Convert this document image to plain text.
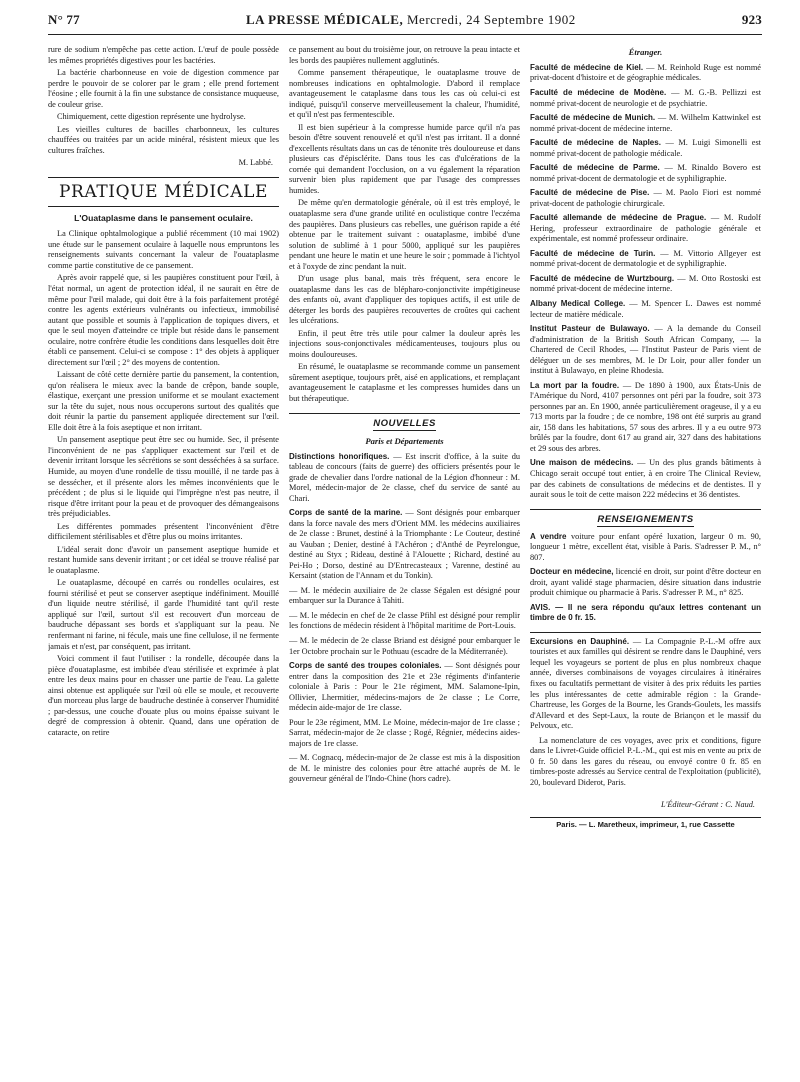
N° 77	LA PRESSE MÉDICALE, Mercredi, 24 Septembre 1902	923

rure de sodium n'empêche pas cette action. L'œuf de poule possède les mêmes propriétés digestives pour les bactéries.

La bactérie charbonneuse en voie de digestion commence par perdre le pouvoir de se colorer par le gram ; elle prend fortement l'éosine ; elle fournit à la fin une substance de consistance muqueuse, de couleur grise.

Chimiquement, cette digestion représente une hydrolyse.

Les vieilles cultures de bacilles charbonneux, les cultures chauffées ou traitées par un acide minéral, résistent mieux que les cultures fraîches.

M. Labbé.

PRATIQUE MÉDICALE
L'Ouataplasme dans le pansement oculaire.

La Clinique ophtalmologique a publié récemment (10 mai 1902) une étude sur le pansement oculaire à laquelle nous empruntons les renseignements suivants concernant la valeur de l'ouataplasme comme partie constitutive de ce pansement.

Après avoir rappelé que, si les paupières constituent pour l'œil, à l'état normal, un agent de protection idéal, il ne saurait en être de même pour l'œil malade, qui doit être à la fois parfaitement protégé contre les agents extérieurs vulnérants ou infectieux, immobilisé autant que possible et soumis à l'application de topiques divers, et que le seul moyen d'atteindre ce triple but réside dans le pansement oculaire, notre confrère étudie les conditions dans lesquelles doit être établi ce pansement. Celui-ci se compose : 1° des objets à appliquer directement sur l'œil ; 2° des moyens de contention.

Laissant de côté cette dernière partie du pansement, la contention, qu'on réalisera le mieux avec la bande de crêpon, bande souple, élastique, exerçant une pression uniforme et se moulant exactement sur la tête du sujet, nous nous occuperons surtout des qualités que doit réunir la partie du pansement appliquée directement sur l'œil. Elle doit être à la fois aseptique et non irritant.

Un pansement aseptique peut être sec ou humide. Sec, il présente l'inconvénient de ne pas s'appliquer exactement sur l'œil et de devenir irritant lorsque les sécrétions se sont desséchées à sa surface. Humide, au moyen d'une rondelle de tissu mouillé, il ne tarde pas à se dessécher, et il présente alors les mêmes inconvénients que le précédent ; de plus si le liquide qui l'imprègne n'est pas neutre, il risque d'être irritant pour la peau et de provoquer des démangeaisons très préjudiciables.

Les différentes pommades présentent l'inconvénient d'être difficilement stérilisables et d'être plus ou moins irritantes.

L'idéal serait donc d'avoir un pansement aseptique humide et restant humide sans devenir irritant ; or cet idéal se trouve réalisé par le ouataplasme.

Le ouataplasme, découpé en carrés ou rondelles oculaires, est fourni stérilisé et peut se conserver aseptique indéfiniment. Mouillé d'un liquide neutre stérilisé, il garde l'humidité tant qu'il reste appliqué sur l'œil, surtout s'il est recouvert d'un morceau de baudruche dépassant ses bords et s'appliquant sur la peau. Ne renfermant ni farine, ni fécule, mais une fine cellulose, il ne fermente jamais et n'est, par conséquent, pas irritant.

Voici comment il faut l'utiliser : la rondelle, découpée dans la pièce d'ouataplasme, est imbibée d'eau stérilisée et exprimée à plat entre les deux mains pour en chasser une partie de l'eau. La galette ainsi obtenue est appliquée sur l'œil où elle se moule, et recouverte d'un morceau plus large de baudruche destinée à conserver l'humidité ; par-dessus, une couche d'ouate plus ou moins épaisse suivant le degré de compression à obtenir. Quand, dans une opération de cataracte, on retire

ce pansement au bout du troisième jour, on retrouve la peau intacte et les bords des paupières nullement agglutinés.

Comme pansement thérapeutique, le ouataplasme trouve de nombreuses indications en ophtalmologie. D'abord il remplace avantageusement le cataplasme dans tous les cas où celui-ci est indiqué, puisqu'il conserve merveilleusement la chaleur, l'humidité, et qu'il n'est pas fermentescible.

Il est bien supérieur à la compresse humide parce qu'il n'a pas besoin d'être souvent renouvelé et qu'il n'est pas irritant. Il a donné d'excellents résultats dans un cas de ténonite très douloureuse et dans plusieurs cas d'épisclérite. Dans tous les cas d'ulcérations de la cornée qui demandent l'occlusion, on a vu également la réparation survenir bien plus rapidement que par l'usage des compresses humides.

De même qu'en dermatologie générale, où il est très employé, le ouataplasme sera d'une grande utilité en oculistique contre l'eczéma des paupières. Dans plusieurs cas rebelles, une guérison rapide a été obtenue par le traitement suivant : ouataplasme, imbibé d'une solution de sublimé à 1 pour 5000, appliqué sur les paupières pendant une heure le matin et une heure le soir ; pommade à l'ichtyol et à l'oxyde de zinc pendant la nuit.

D'un usage plus banal, mais très fréquent, sera encore le ouataplasme dans les cas de blépharo-conjonctivite impétigineuse des enfants où, avant d'appliquer des topiques actifs, il est utile de déterger les bords des paupières recouvertes de croûtes qui cachent les ulcérations.

Enfin, il peut être très utile pour calmer la douleur après les injections sous-conjonctivales médicamenteuses, toujours plus ou moins douloureuses.

En résumé, le ouataplasme se recommande comme un pansement sûrement aseptique, toujours prêt, aisé en applications, et remplaçant avantageusement le cataplasme et les compresses humides dans un but thérapeutique.

NOUVELLES
Paris et Départements

Distinctions honorifiques. — Est inscrit d'office, à la suite du tableau de concours (faits de guerre) des officiers présentés pour le grade de chevalier dans l'ordre national de la Légion d'honneur : M. Morel, médecin-major de 2e classe, chef du service de santé au Chari.

Corps de santé de la marine. — Sont désignés pour embarquer dans la force navale des mers d'Orient MM. les médecins auxiliaires de 2e classe : Brunet, destiné à la Triomphante : Le Couteur, destiné au Vauban ; Denier, destiné à l'Achéron ; d'Anthé de Peyrelongue, destiné au Styx ; Rideau, destiné à l'Alouette ; Richard, destiné au Pei-Ho ; Dorso, destiné au D'Entrecasteaux ; Varenne, destiné au Kersaint (station de l'Annam et du Tonkin).

— M. le médecin auxiliaire de 2e classe Ségalen est désigné pour embarquer sur la Durance à Tahiti.

— M. le médecin en chef de 2e classe Pfihl est désigné pour remplir les fonctions de médecin résident à l'hôpital maritime de Port-Louis.

— M. le médecin de 2e classe Briand est désigné pour embarquer le 1er Octobre prochain sur le Pothuau (escadre de la Méditerranée).

Corps de santé des troupes coloniales. — Sont désignés pour entrer dans la composition des 21e et 23e régiments d'infanterie coloniale à Paris : Pour le 21e régiment, MM. Salamone-Ipin, Ollivier, Lhermitier, médecins-majors de 2e classe ; Le Corre, médecin aide-major de 1re classe.

Pour le 23e régiment, MM. Le Moine, médecin-major de 1re classe ; Sarrat, médecin-major de 2e classe ; Rogé, Régnier, médecins aides-majors de 1re classe.

— M. Cognacq, médecin-major de 2e classe est mis à la disposition de M. le ministre des colonies pour être attaché auprès de M. le gouverneur général de l'Indo-Chine (hors cadre).

Étranger.

Faculté de médecine de Kiel. — M. Reinhold Ruge est nommé privat-docent d'histoire et de géographie médicales.

Faculté de médecine de Modène. — M. G.-B. Pellizzi est nommé privat-docent de neurologie et de psychiatrie.

Faculté de médecine de Munich. — M. Wilhelm Kattwinkel est nommé privat-docent de médecine interne.

Faculté de médecine de Naples. — M. Luigi Simonelli est nommé privat-docent de pathologie médicale.

Faculté de médecine de Parme. — M. Rinaldo Bovero est nommé privat-docent de dermatologie et de syphiligraphie.

Faculté de médecine de Pise. — M. Paolo Fiori est nommé privat-docent de pathologie chirurgicale.

Faculté allemande de médecine de Prague. — M. Rudolf Hering, professeur extraordinaire de pathologie générale et expérimentale, est nommé professeur ordinaire.

Faculté de médecine de Turin. — M. Vittorio Allgeyer est nommé privat-docent de dermatologie et de syphiligraphie.

Faculté de médecine de Wurtzbourg. — M. Otto Rostoski est nommé privat-docent de médecine interne.

Albany Medical College. — M. Spencer L. Dawes est nommé lecteur de matière médicale.

Institut Pasteur de Bulawayo. — A la demande du Conseil d'administration de la British South African Company, — la Chartered de Cecil Rhodes, — l'Institut Pasteur de Paris vient de déléguer un de ses membres, M. le Dr Loir, pour aller fonder un institut à Bulawayo, en pleine Rhodesia.

La mort par la foudre. — De 1890 à 1900, aux États-Unis de l'Amérique du Nord, 4107 personnes ont péri par la foudre, soit 373 personnes par an. En 1900, année particulièrement orageuse, il y a eu 713 morts par la foudre ; de ce nombre, 198 ont été surpris au grand air, 158 dans les habitations, 57 sous des arbres. Il y a eu outre 973 brûlés par la foudre, dont 617 au grand air, 327 dans des habitations et 29 sous des arbres.

Une maison de médecins. — Un des plus grands bâtiments à Chicago serait occupé tout entier, à en croire The Clinical Review, par des cabinets de consultations de médecins et de dentistes. Il y aurait sous le toit de cette maison 222 médecins et 36 dentistes.

RENSEIGNEMENTS

A vendre voiture pour enfant opéré luxation, largeur 0 m. 90, longueur 1 mètre, excellent état, visible à Paris. S'adresser P. M., n° 807.

Docteur en médecine, licencié en droit, sur point d'être docteur en droit, ayant validé stage pharmacien, désire situation dans industrie produit chimique ou pharmacie à Paris. S'adresser P. M., n° 825.

AVIS. — Il ne sera répondu qu'aux lettres contenant un timbre de 0 fr. 15.

Excursions en Dauphiné. — La Compagnie P.-L.-M offre aux touristes et aux familles qui désirent se rendre dans le Dauphiné, vers lequel les voyageurs se portent de plus en plus nombreux chaque année, diverses combinaisons de voyages circulaires à itinéraires fixes ou facultatifs permettant de visiter à des prix réduits les parties les plus intéressantes de cette admirable région : la Grande-Chartreuse, les Gorges de la Bourne, les Grands-Goulets, les massifs d'Allevard et des Sept-Laux, la route de Briançon et le massif du Pelvoux, etc.

La nomenclature de ces voyages, avec prix et conditions, figure dans le Livret-Guide officiel P.-L.-M., qui est mis en vente au prix de 0 fr. 50 dans les gares du réseau, ou envoyé contre 0 fr. 85 en timbres-poste adressés au Service central de l'exploitation (publicité), 20, boulevard Diderot, Paris.

L'Éditeur-Gérant : C. Naud.

Paris. — L. Maretheux, imprimeur, 1, rue Cassette
